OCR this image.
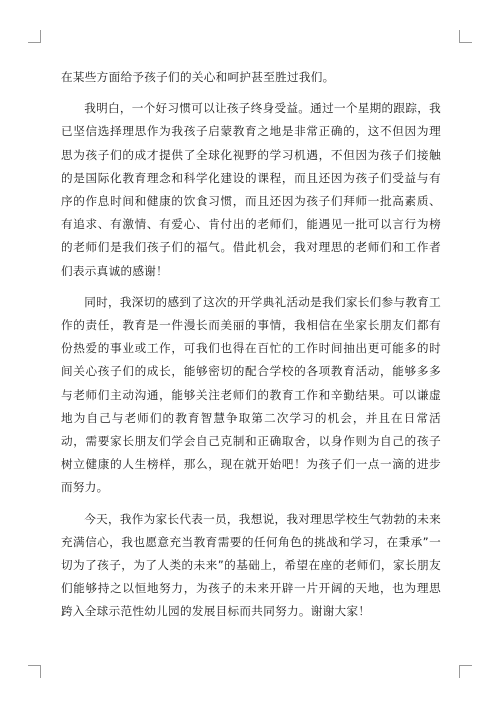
在某些方面给予孩子们的关心和呵护甚至胜过我们。

我明白，一个好习惯可以让孩子终身受益。通过一个星期的跟踪，我已坚信选择理思作为我孩子启蒙教育之地是非常正确的，这不但因为理思为孩子们的成才提供了全球化视野的学习机遇，不但因为孩子们接触的是国际化教育理念和科学化建设的课程，而且还因为孩子们受益与有序的作息时间和健康的饮食习惯，而且还因为孩子们拜师一批高素质、有追求、有激情、有爱心、肯付出的老师们，能遇见一批可以言行为榜的老师们是我们孩子们的福气。借此机会，我对理思的老师们和工作者们表示真诚的感谢！

同时，我深切的感到了这次的开学典礼活动是我们家长们参与教育工作的责任，教育是一件漫长而美丽的事情，我相信在坐家长朋友们都有份热爱的事业或工作，可我们也得在百忙的工作时间抽出更可能多的时间关心孩子们的成长，能够密切的配合学校的各项教育活动，能够多多与老师们主动沟通，能够关注老师们的教育工作和辛勤结果。可以谦虚地为自己与老师们的教育智慧争取第二次学习的机会，并且在日常活动，需要家长朋友们学会自己克制和正确取舍，以身作则为自己的孩子树立健康的人生榜样，那么，现在就开始吧！为孩子们一点一滴的进步而努力。

今天，我作为家长代表一员，我想说，我对理思学校生气勃勃的未来充满信心，我也愿意充当教育需要的任何角色的挑战和学习，在秉承”一切为了孩子，为了人类的未来”的基础上，希望在座的老师们，家长朋友们能够持之以恒地努力，为孩子的未来开辟一片开阔的天地，也为理思跨入全球示范性幼儿园的发展目标而共同努力。谢谢大家！
